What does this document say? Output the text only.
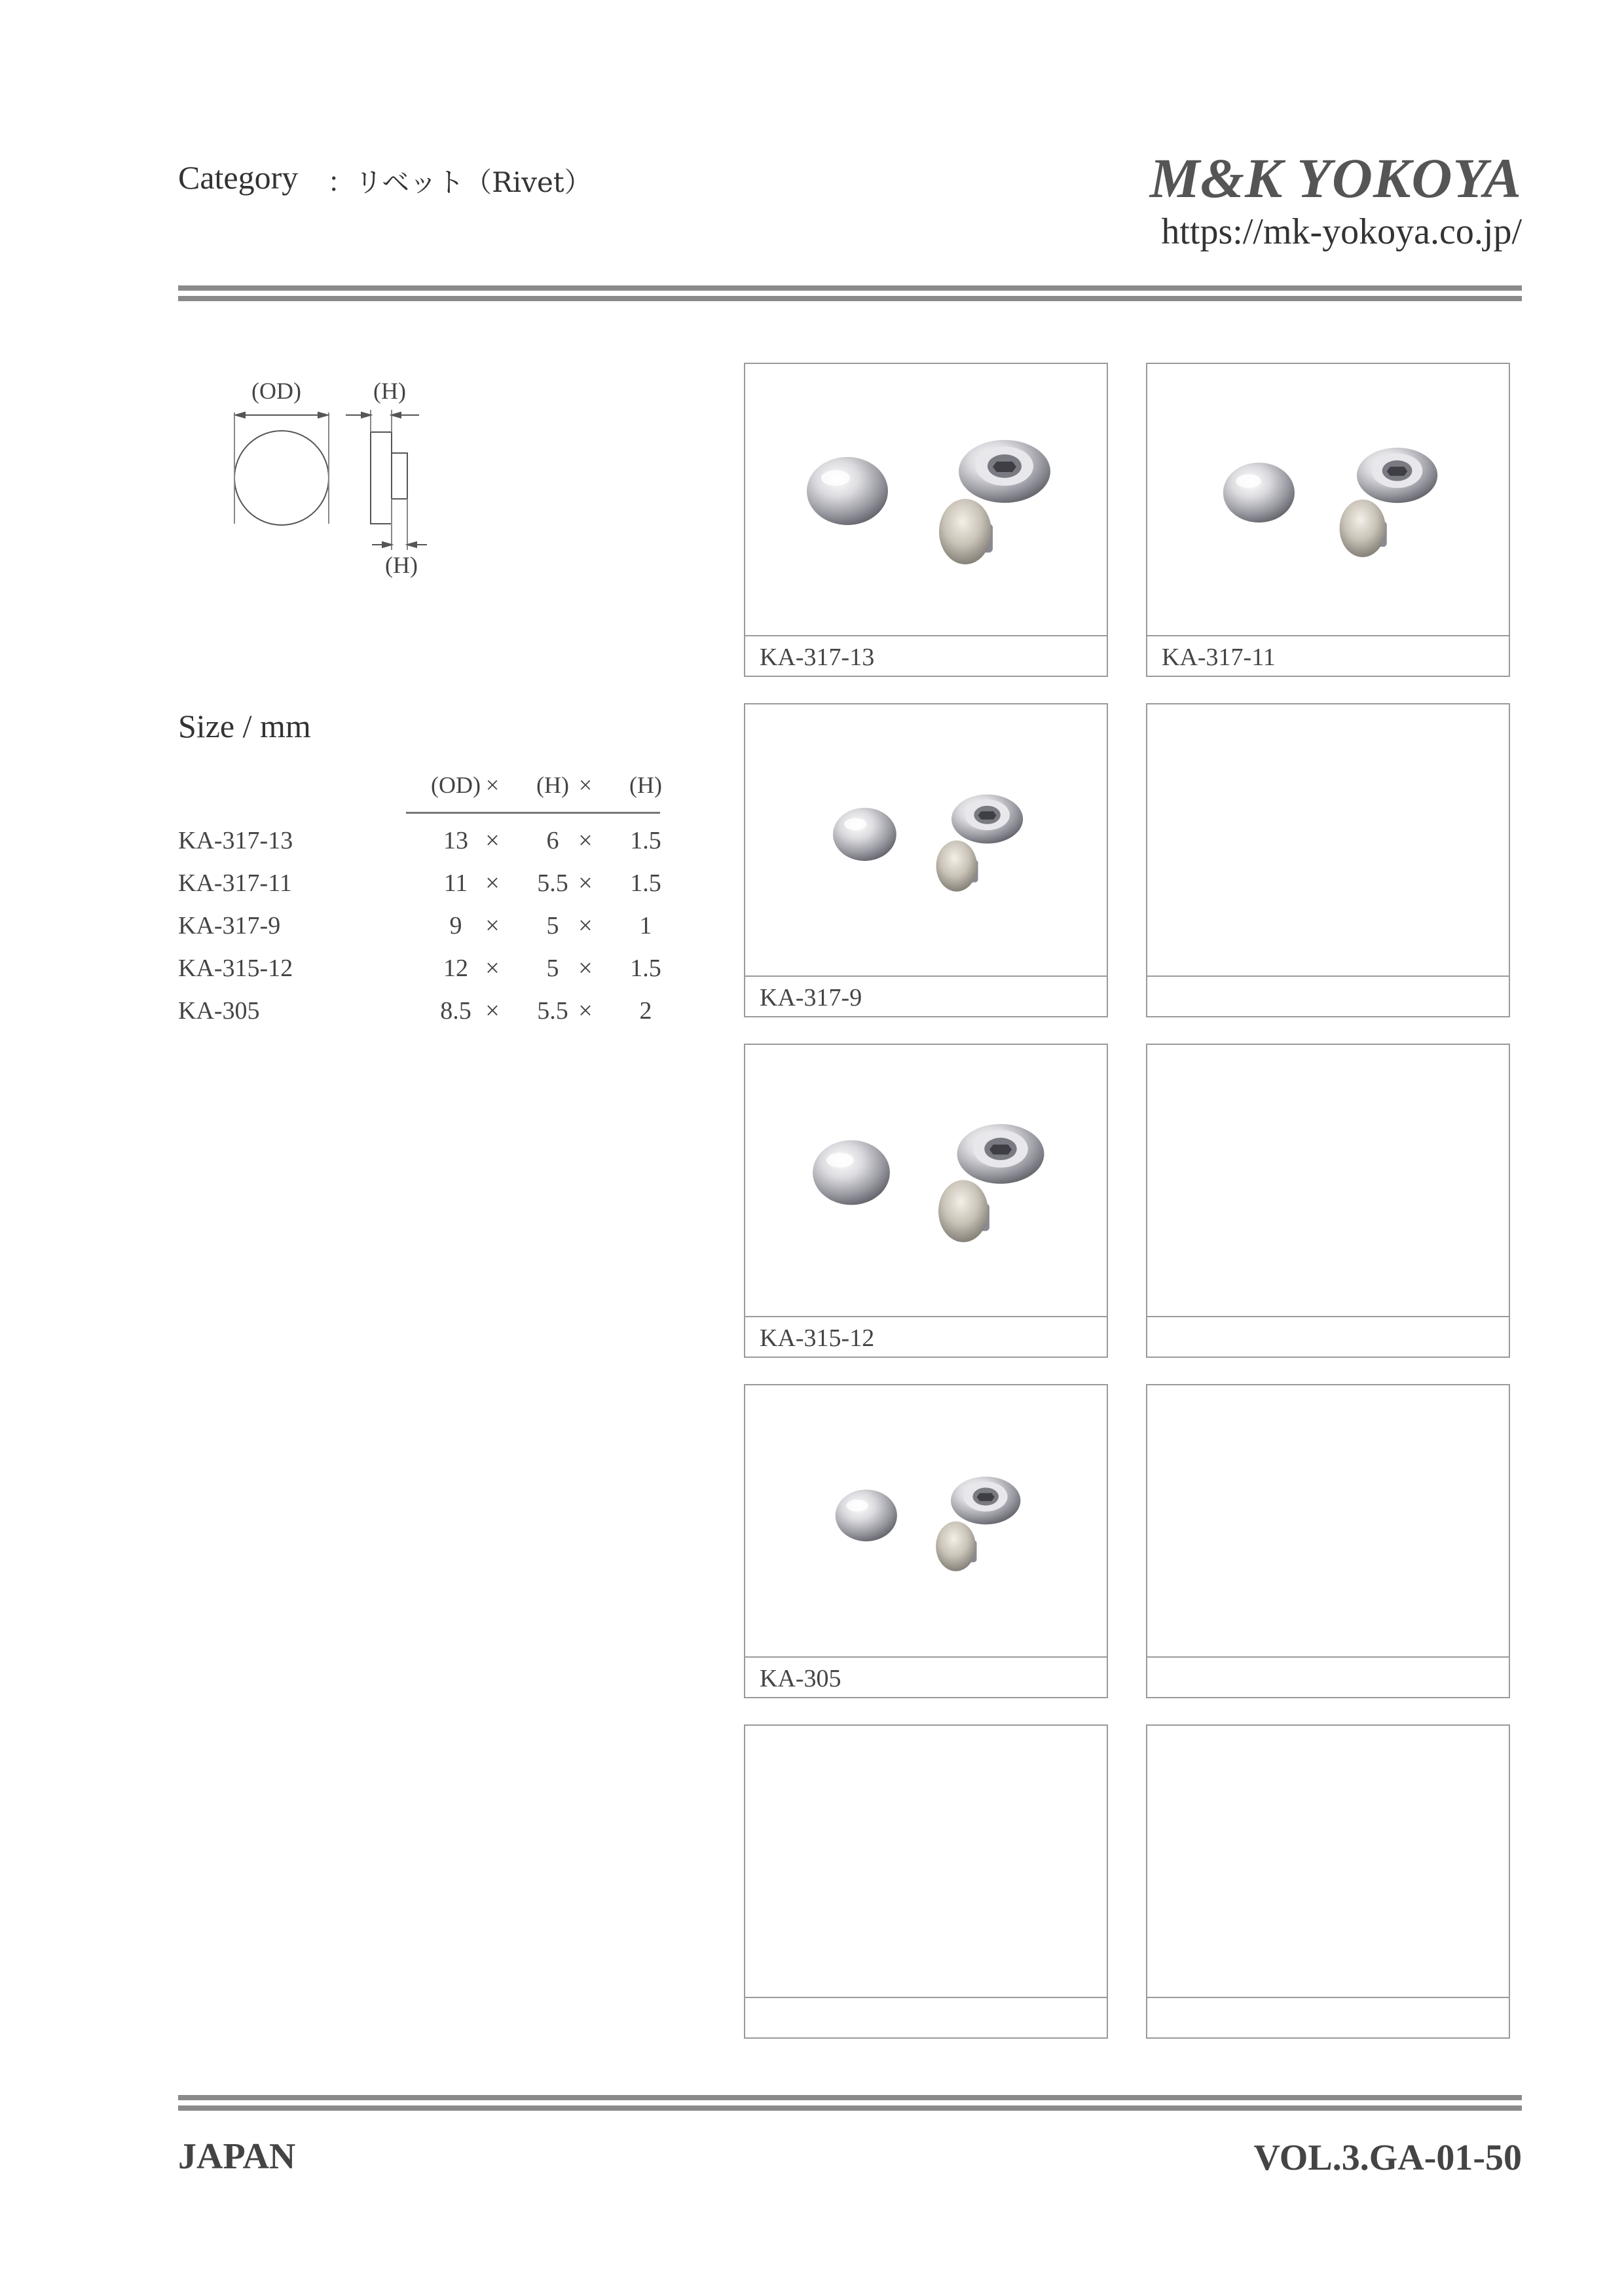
Category ：リベット（Rivet）	M&K YOKOYA
https://mk-yokoya.co.jp/
(OD)	(H)
(H)
Size / mm
(OD) ×	(H) ×	(H)
KA-317-13	13 ×	6 ×	1.5
KA-317-11	11 ×	5.5 ×	1.5
KA-317-9	9 ×	5 ×	1
KA-315-12	12 ×	5 ×	1.5
KA-305	8.5 ×	5.5 ×	2
KA-317-13	KA-317-11
KA-317-9
KA-315-12
KA-305
JAPAN	VOL.3.GA-01-50
